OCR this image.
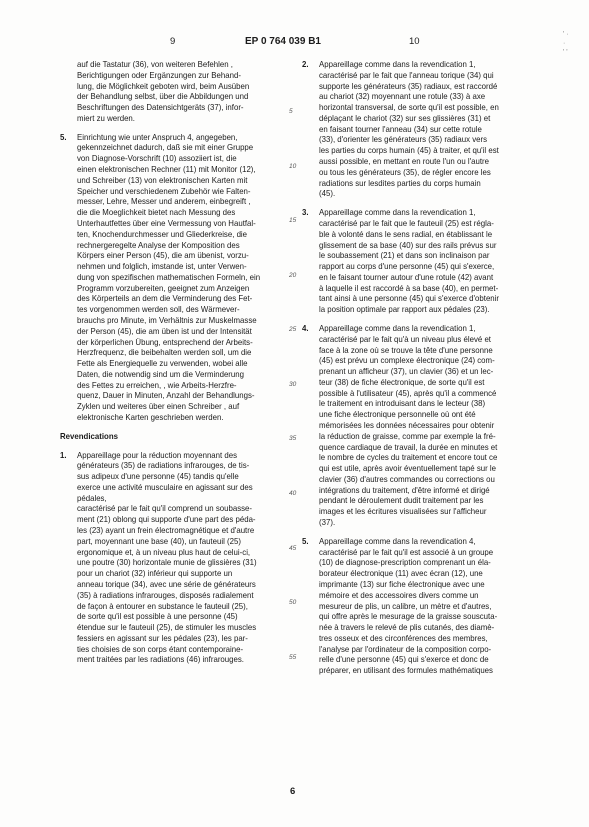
9	EP 0 764 039 B1	10
' ·
·
' '
auf die Tastatur (36), von weiteren Befehlen ,
Berichtigungen oder Ergänzungen zur Behand-
lung, die Möglichkeit geboten wird, beim Ausüben
der Behandlung selbst, über die Abbildungen und
Beschriftungen des Datensichtgeräts (37), infor-
miert zu werden.
5. Einrichtung wie unter Anspruch 4, angegeben,
gekennzeichnet dadurch, daß sie mit einer Gruppe
von Diagnose-Vorschrift (10) assoziiert ist, die
einen elektronischen Rechner (11) mit Monitor (12),
und Schreiber (13) von elektronischen Karten mit
Speicher und verschiedenem Zubehör wie Falten-
messer, Lehre, Messer und anderem, einbegreift ,
die die Moeglichkeit bietet nach Messung des
Unterhautfettes über eine Vermessung von Hautfal-
ten, Knochendurchmesser und Gliederkreise, die
rechnergeregelte Analyse der Komposition des
Körpers einer Person (45), die am übenist, vorzu-
nehmen und folglich, imstande ist, unter Verwen-
dung von spezifischen mathematischen Formeln, ein
Programm vorzubereiten, geeignet zum Anzeigen
des Körperteils an dem die Verminderung des Fet-
tes vorgenommen werden soll, des Wärmever-
brauchs pro Minute, im Verhältnis zur Muskelmasse
der Person (45), die am üben ist und der Intensität
der körperlichen Übung, entsprechend der Arbeits-
Herzfrequenz, die beibehalten werden soll, um die
Fette als Energiequelle zu verwenden, wobei alle
Daten, die notwendig sind um die Verminderung
des Fettes zu erreichen, , wie Arbeits-Herzfre-
quenz, Dauer in Minuten, Anzahl der Behandlungs-
Zyklen und weiteres über einen Schreiber , auf
elektronische Karten geschrieben werden.
Revendications
1. Appareillage pour la réduction moyennant des
générateurs (35) de radiations infrarouges, de tis-
sus adipeux d'une personne (45) tandis qu'elle
exerce une activité musculaire en agissant sur des
pédales,
caractérisé par le fait qu'il comprend un soubasse-
ment (21) oblong qui supporte d'une part des péda-
les (23) ayant un frein électromagnétique et d'autre
part, moyennant une base (40), un fauteuil (25)
ergonomique et, à un niveau plus haut de celui-ci,
une poutre (30) horizontale munie de glissières (31)
pour un chariot (32) inférieur qui supporte un
anneau torique (34), avec une série de générateurs
(35) à radiations infrarouges, disposés radialement
de façon à entourer en substance le fauteuil (25),
de sorte qu'il est possible à une personne (45)
étendue sur le fauteuil (25), de stimuler les muscles
fessiers en agissant sur les pédales (23), les par-
ties choisies de son corps étant contemporaine-
ment traitées par les radiations (46) infrarouges.
2. Appareillage comme dans la revendication 1,
caractérisé par le fait que l'anneau torique (34) qui
supporte les générateurs (35) radiaux, est raccordé
au chariot (32) moyennant une rotule (33) à axe
horizontal transversal, de sorte qu'il est possible, en
déplaçant le chariot (32) sur ses glissières (31) et
en faisant tourner l'anneau (34) sur cette rotule
(33), d'orienter les générateurs (35) radiaux vers
les parties du corps humain (45) à traiter, et qu'il est
aussi possible, en mettant en route l'un ou l'autre
ou tous les générateurs (35), de régler encore les
radiations sur lesdites parties du corps humain
(45).
3. Appareillage comme dans la revendication 1,
caractérisé par le fait que le fauteuil (25) est régla-
ble à volonté dans le sens radial, en établissant le
glissement de sa base (40) sur des rails prévus sur
le soubassement (21) et dans son inclinaison par
rapport au corps d'une personne (45) qui s'exerce,
en le faisant tourner autour d'une rotule (42) avant
à laquelle il est raccordé à sa base (40), en permet-
tant ainsi à une personne (45) qui s'exerce d'obtenir
la position optimale par rapport aux pédales (23).
4. Appareillage comme dans la revendication 1,
caractérisé par le fait qu'à un niveau plus élevé et
face à la zone où se trouve la tête d'une personne
(45) est prévu un complexe électronique (24) com-
prenant un afficheur (37), un clavier (36) et un lec-
teur (38) de fiche électronique, de sorte qu'il est
possible à l'utilisateur (45), après qu'il a commencé
le traitement en introduisant dans le lecteur (38)
une fiche électronique personnelle où ont été
mémorisées les données nécessaires pour obtenir
la réduction de graisse, comme par exemple la fré-
quence cardiaque de travail, la durée en minutes et
le nombre de cycles du traitement et encore tout ce
qui est utile, après avoir éventuellement tapé sur le
clavier (36) d'autres commandes ou corrections ou
intégrations du traitement, d'être informé et dirigé
pendant le déroulement dudit traitement par les
images et les écritures visualisées sur l'afficheur
(37).
5. Appareillage comme dans la revendication 4,
caractérisé par le fait qu'il est associé à un groupe
(10) de diagnose-prescription comprenant un éla-
borateur électronique (11) avec écran (12), une
imprimante (13) sur fiche électronique avec une
mémoire et des accessoires divers comme un
mesureur de plis, un calibre, un mètre et d'autres,
qui offre après le mesurage de la graisse souscuta-
née à travers le relevé de plis cutanés, des diamè-
tres osseux et des circonférences des membres,
l'analyse par l'ordinateur de la composition corpo-
relle d'une personne (45) qui s'exerce et donc de
préparer, en utilisant des formules mathématiques
5
10
15
20
25
30
35
40
45
50
55
6
